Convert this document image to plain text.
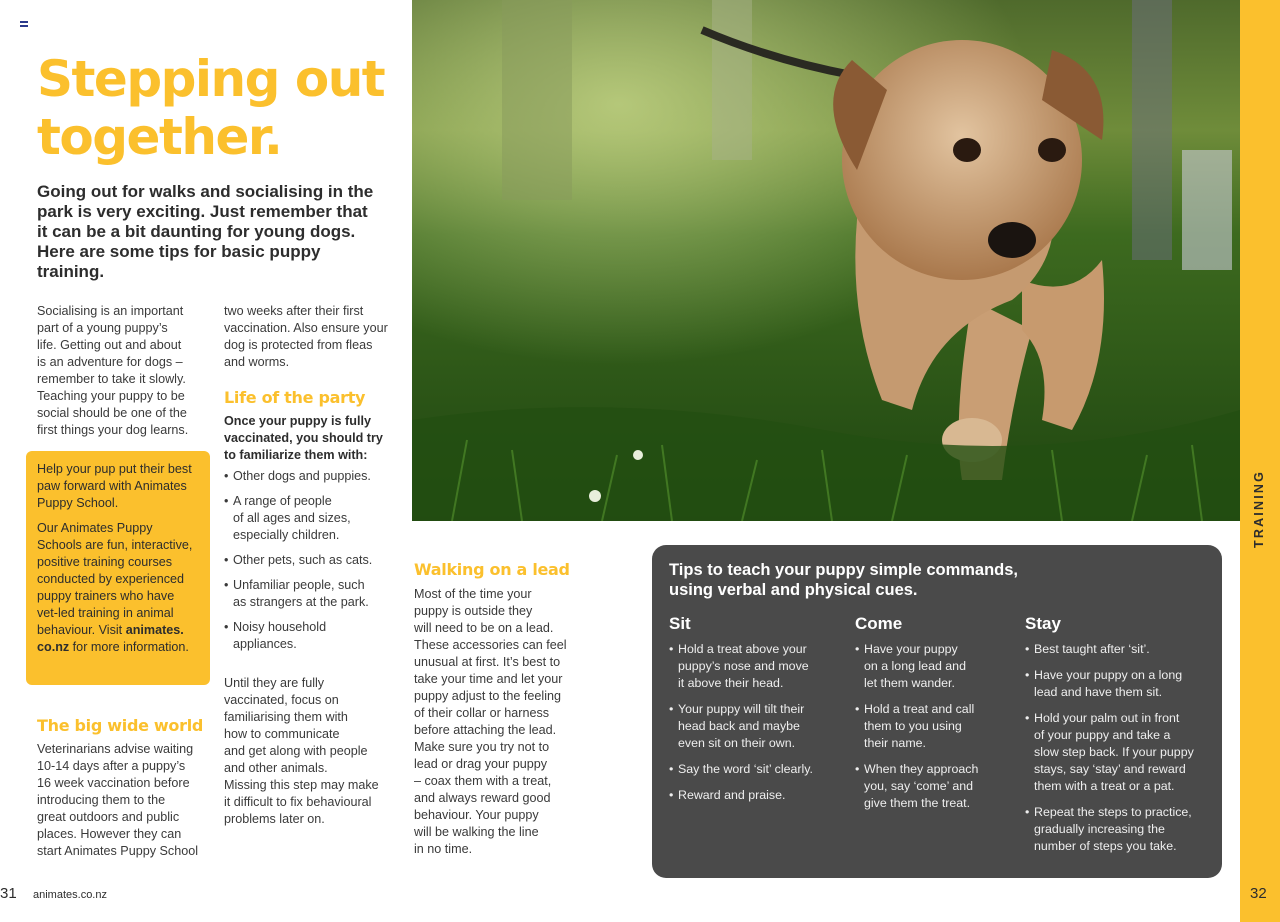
Stepping out
together.

Going out for walks and socialising in the park is very exciting. Just remember that it can be a bit daunting for young dogs. Here are some tips for basic puppy training.

Socialising is an important
part of a young puppy’s
life. Getting out and about
is an adventure for dogs –
remember to take it slowly.
Teaching your puppy to be
social should be one of the
first things your dog learns.

Help your pup put their best
paw forward with Animates
Puppy School.

Our Animates Puppy
Schools are fun, interactive,
positive training courses
conducted by experienced
puppy trainers who have
vet-led training in animal
behaviour. Visit animates.
co.nz for more information.

The big wide world

Veterinarians advise waiting
10-14 days after a puppy’s
16 week vaccination before
introducing them to the
great outdoors and public
places. However they can
start Animates Puppy School

two weeks after their first
vaccination. Also ensure your
dog is protected from fleas
and worms.

Life of the party

Once your puppy is fully
vaccinated, you should try
to familiarize them with:

• Other dogs and puppies.
• A range of people
of all ages and sizes,
especially children.
• Other pets, such as cats.
• Unfamiliar people, such
as strangers at the park.
• Noisy household
appliances.

Until they are fully
vaccinated, focus on
familiarising them with
how to communicate
and get along with people
and other animals.
Missing this step may make
it difficult to fix behavioural
problems later on.

Walking on a lead

Most of the time your
puppy is outside they
will need to be on a lead.
These accessories can feel
unusual at first. It’s best to
take your time and let your
puppy adjust to the feeling
of their collar or harness
before attaching the lead.
Make sure you try not to
lead or drag your puppy
– coax them with a treat,
and always reward good
behaviour. Your puppy
will be walking the line
in no time.

Tips to teach your puppy simple commands,
using verbal and physical cues.

Sit
• Hold a treat above your
puppy’s nose and move
it above their head.
• Your puppy will tilt their
head back and maybe
even sit on their own.
• Say the word ‘sit’ clearly.
• Reward and praise.
Come
• Have your puppy
on a long lead and
let them wander.
• Hold a treat and call
them to you using
their name.
• When they approach
you, say ‘come’ and
give them the treat.
Stay
• Best taught after ‘sit’.
• Have your puppy on a long
lead and have them sit.
• Hold your palm out in front
of your puppy and take a
slow step back. If your puppy
stays, say ‘stay’ and reward
them with a treat or a pat.
• Repeat the steps to practice,
gradually increasing the
number of steps you take.
TRAINING
32
31 animates.co.nz
